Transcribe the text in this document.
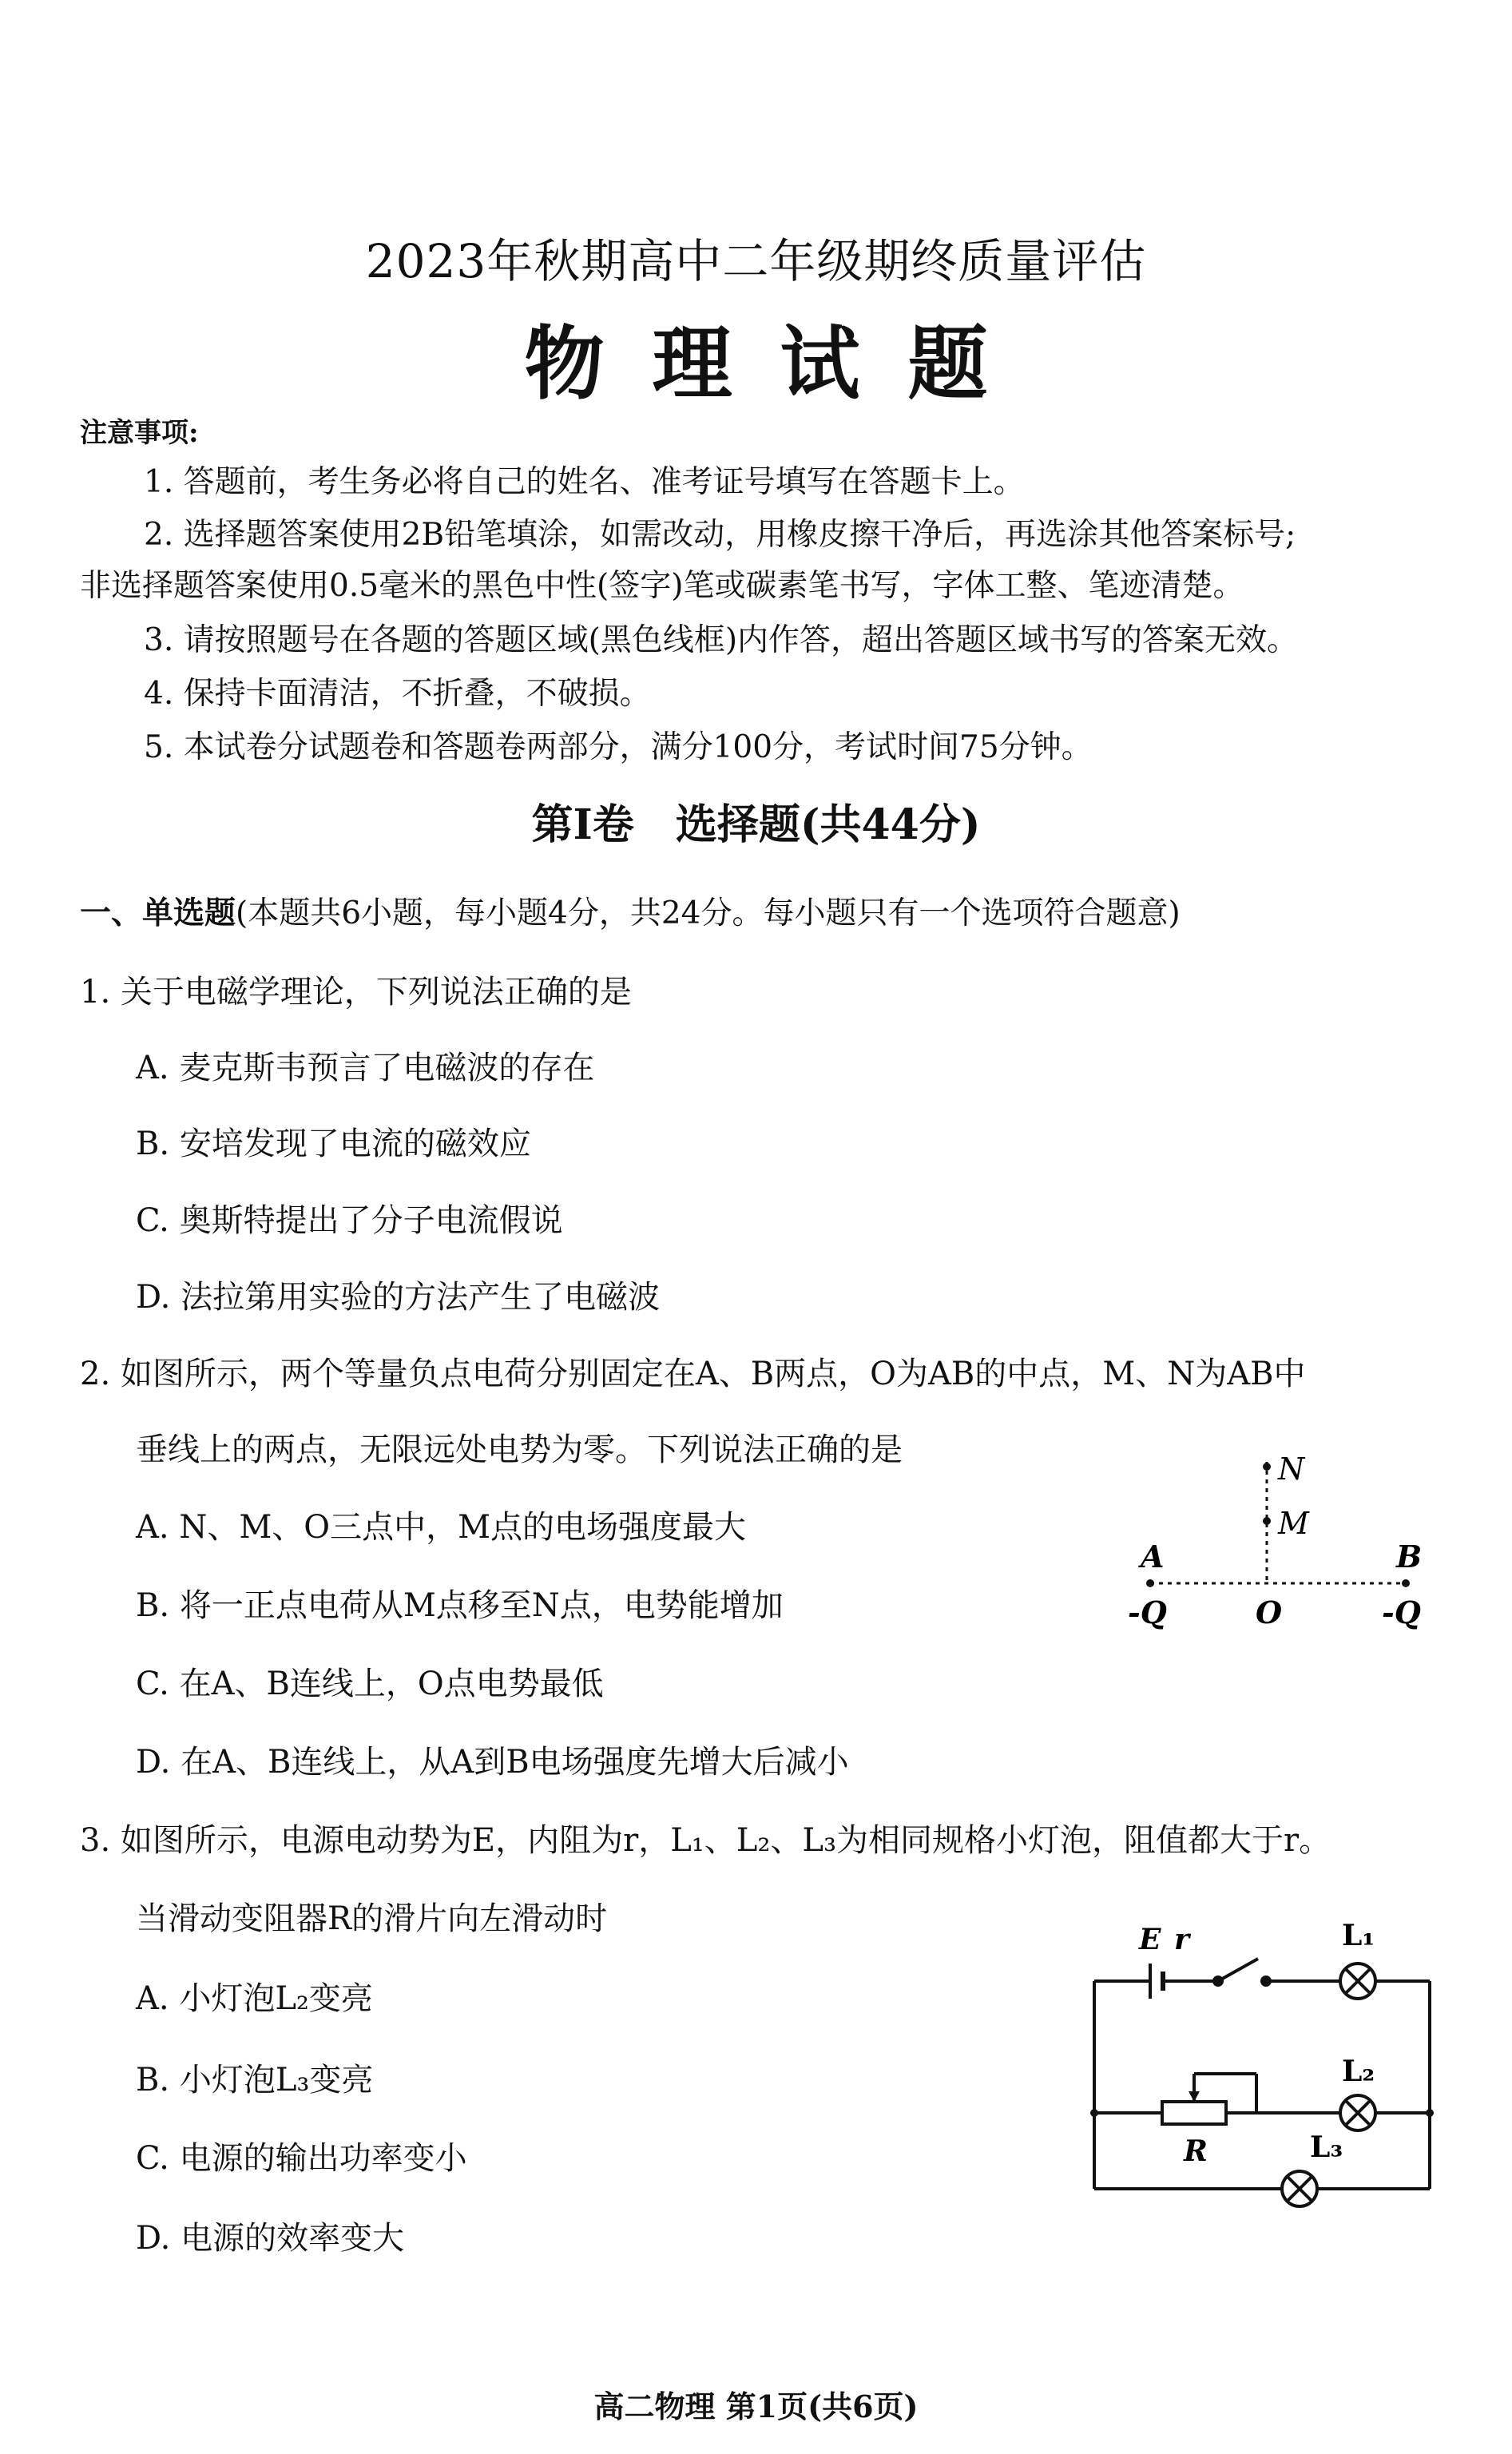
2023年秋期高中二年级期终质量评估
物理试题
注意事项:
1. 答题前，考生务必将自己的姓名、准考证号填写在答题卡上。
2. 选择题答案使用2B铅笔填涂，如需改动，用橡皮擦干净后，再选涂其他答案标号;
非选择题答案使用0.5毫米的黑色中性(签字)笔或碳素笔书写，字体工整、笔迹清楚。
3. 请按照题号在各题的答题区域(黑色线框)内作答，超出答题区域书写的答案无效。
4. 保持卡面清洁，不折叠，不破损。
5. 本试卷分试题卷和答题卷两部分，满分100分，考试时间75分钟。
第I卷　选择题(共44分)
一、单选题(本题共6小题，每小题4分，共24分。每小题只有一个选项符合题意)
1. 关于电磁学理论，下列说法正确的是
A. 麦克斯韦预言了电磁波的存在
B. 安培发现了电流的磁效应
C. 奥斯特提出了分子电流假说
D. 法拉第用实验的方法产生了电磁波
2. 如图所示，两个等量负点电荷分别固定在A、B两点，O为AB的中点，M、N为AB中
垂线上的两点，无限远处电势为零。下列说法正确的是
A. N、M、O三点中，M点的电场强度最大
B. 将一正点电荷从M点移至N点，电势能增加
C. 在A、B连线上，O点电势最低
D. 在A、B连线上，从A到B电场强度先增大后减小
N
M
A	B
O
-Q	-Q
3. 如图所示，电源电动势为E，内阻为r，L₁、L₂、L₃为相同规格小灯泡，阻值都大于r。
当滑动变阻器R的滑片向左滑动时
A. 小灯泡L₂变亮
B. 小灯泡L₃变亮
C. 电源的输出功率变小
D. 电源的效率变大
E r	L₁
L₂
L₃
R
高二物理 第1页(共6页)
